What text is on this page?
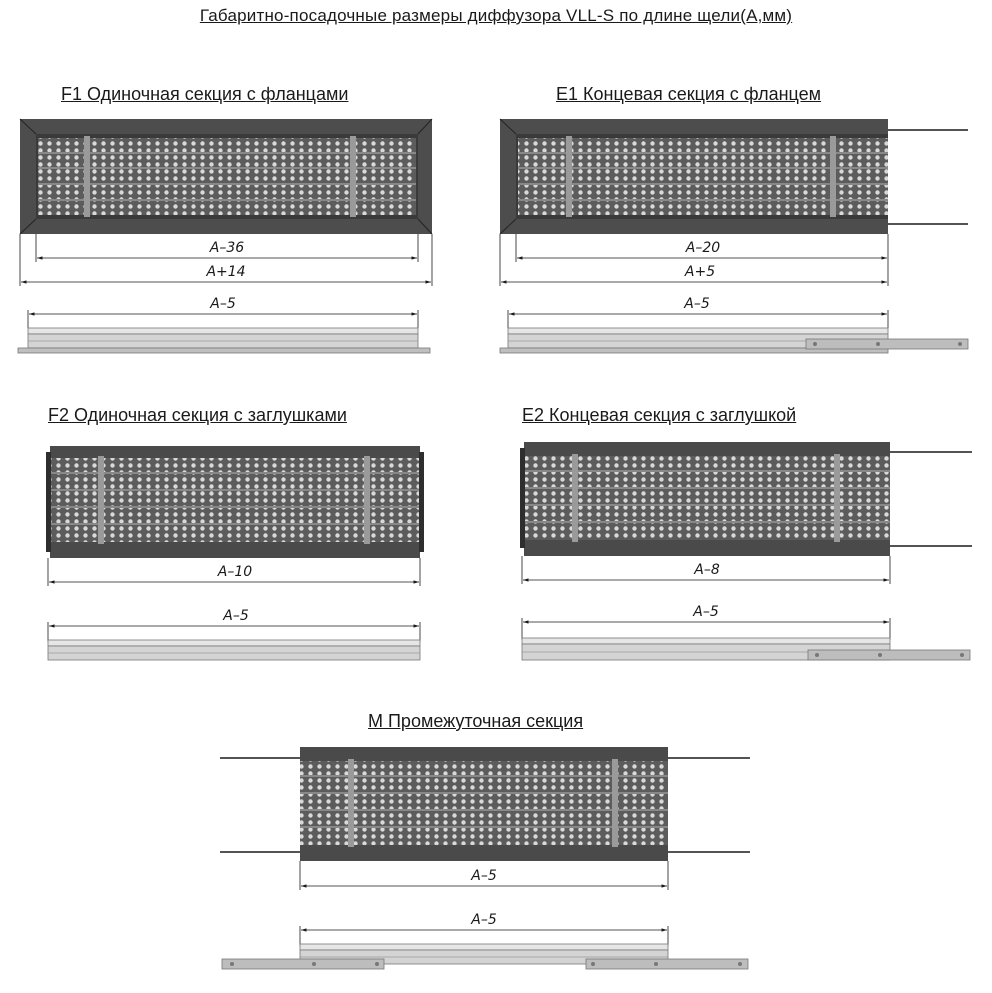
Габаритно-посадочные размеры диффузора VLL-S по длине щели(А,мм)
F1 Одиночная секция с фланцами	E1 Концевая секция с фланцем
F2 Одиночная секция с заглушками	E2 Концевая секция с заглушкой
M Промежуточная секция
A–36
A+14
A–5
A–20
A+5
A–5
A–10
A–5
A–8
A–5
A–5
A–5
